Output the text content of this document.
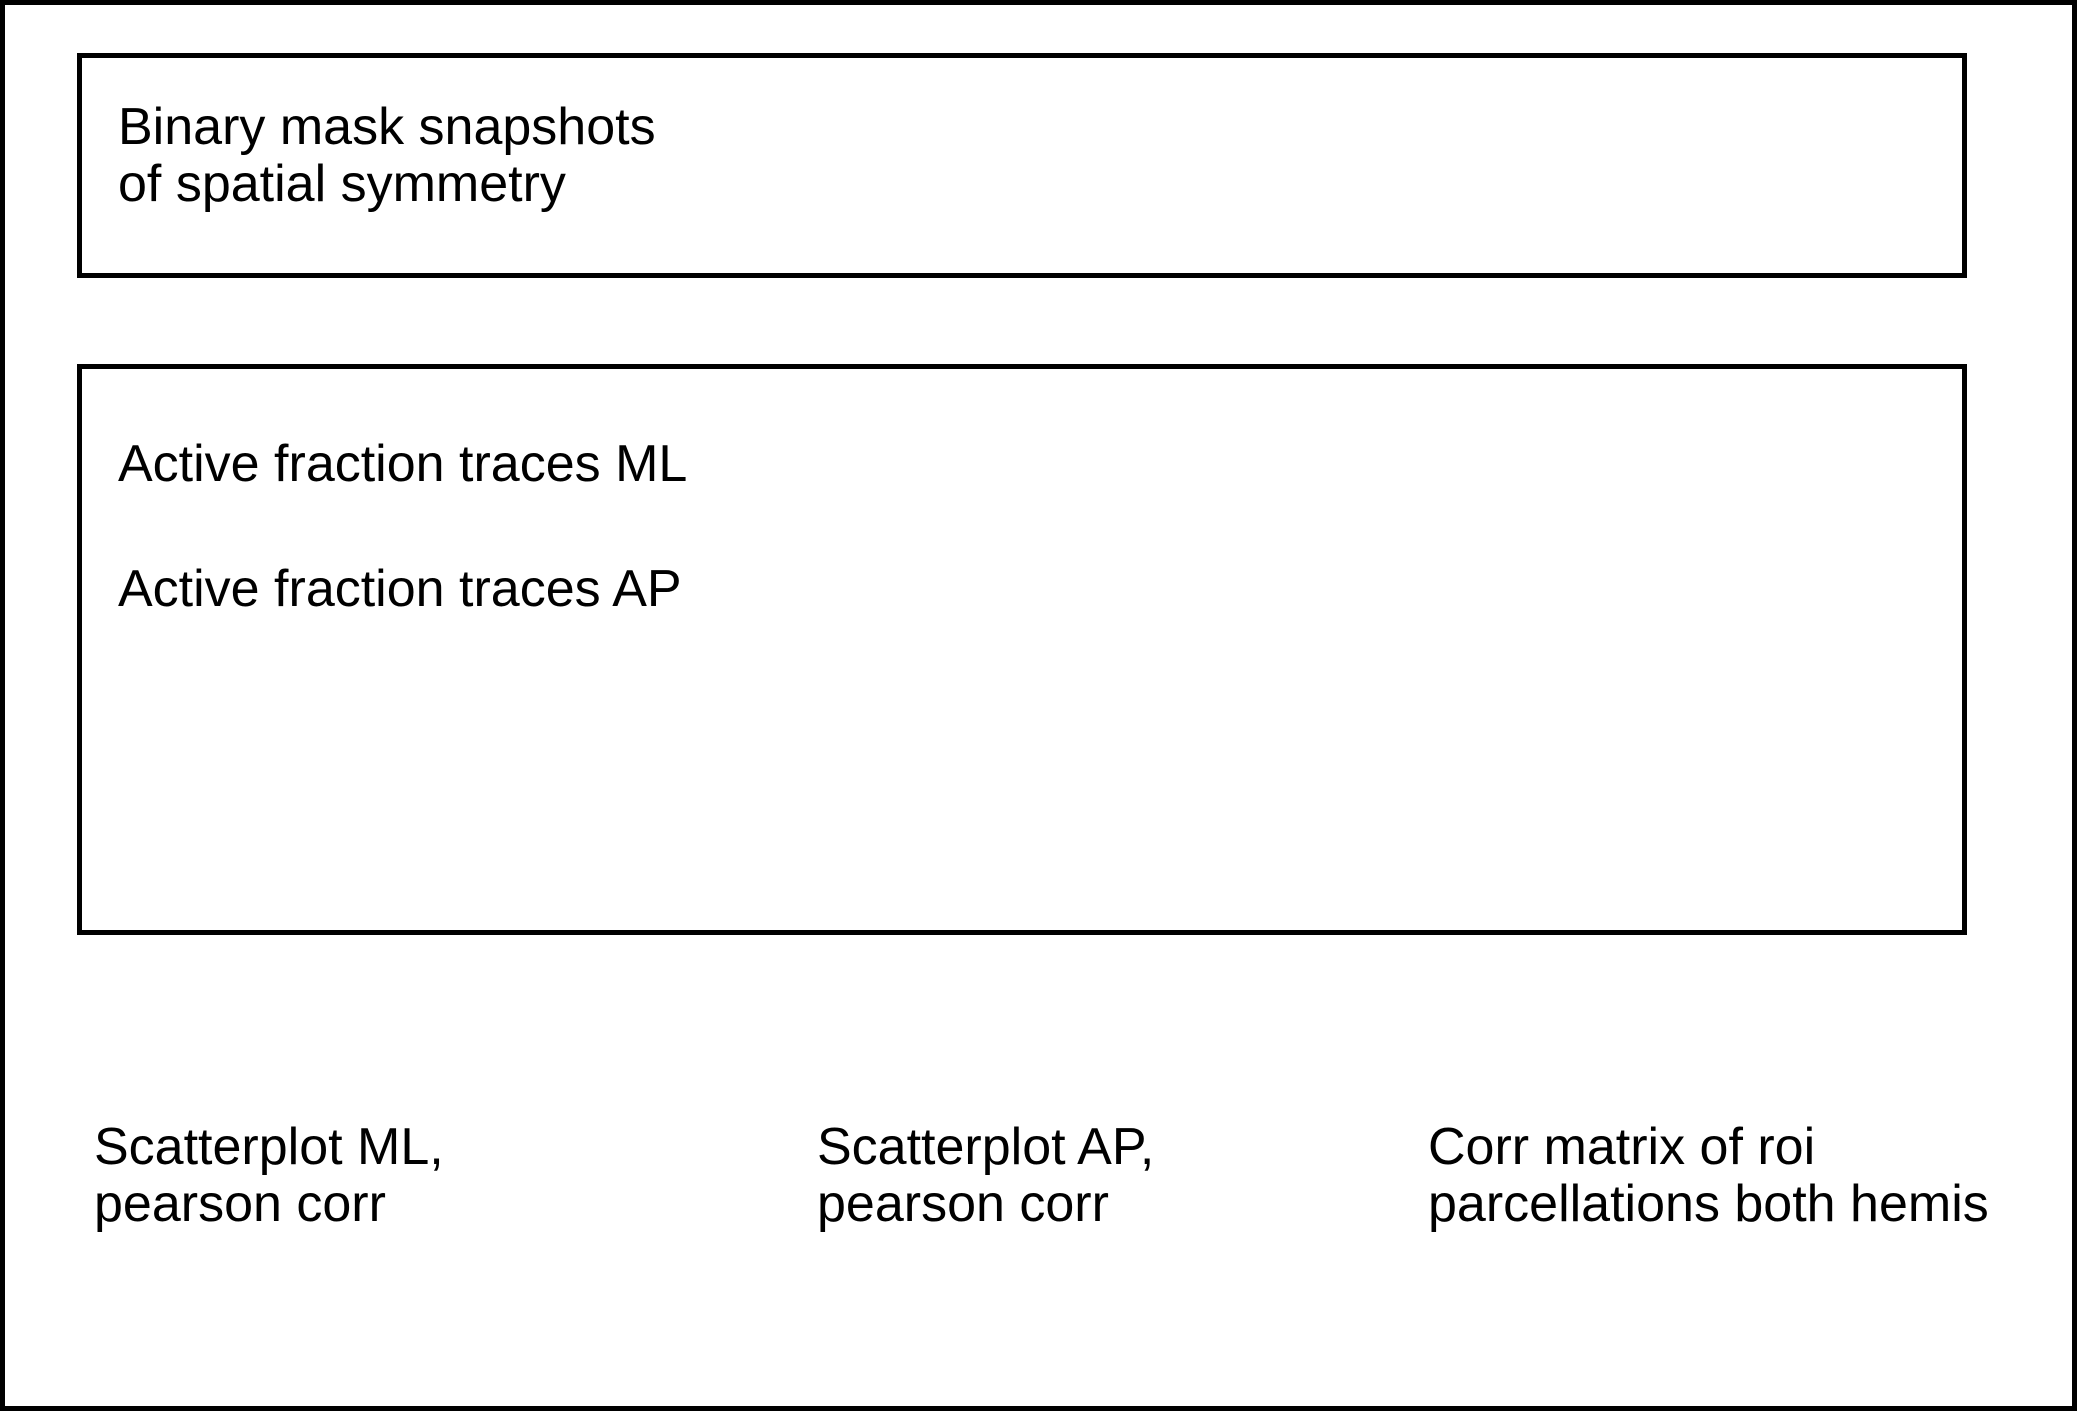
Binary mask snapshots
of spatial symmetry
Active fraction traces ML
Active fraction traces AP
Scatterplot ML,
pearson corr
Scatterplot AP,
pearson corr
Corr matrix of roi
parcellations both hemis
